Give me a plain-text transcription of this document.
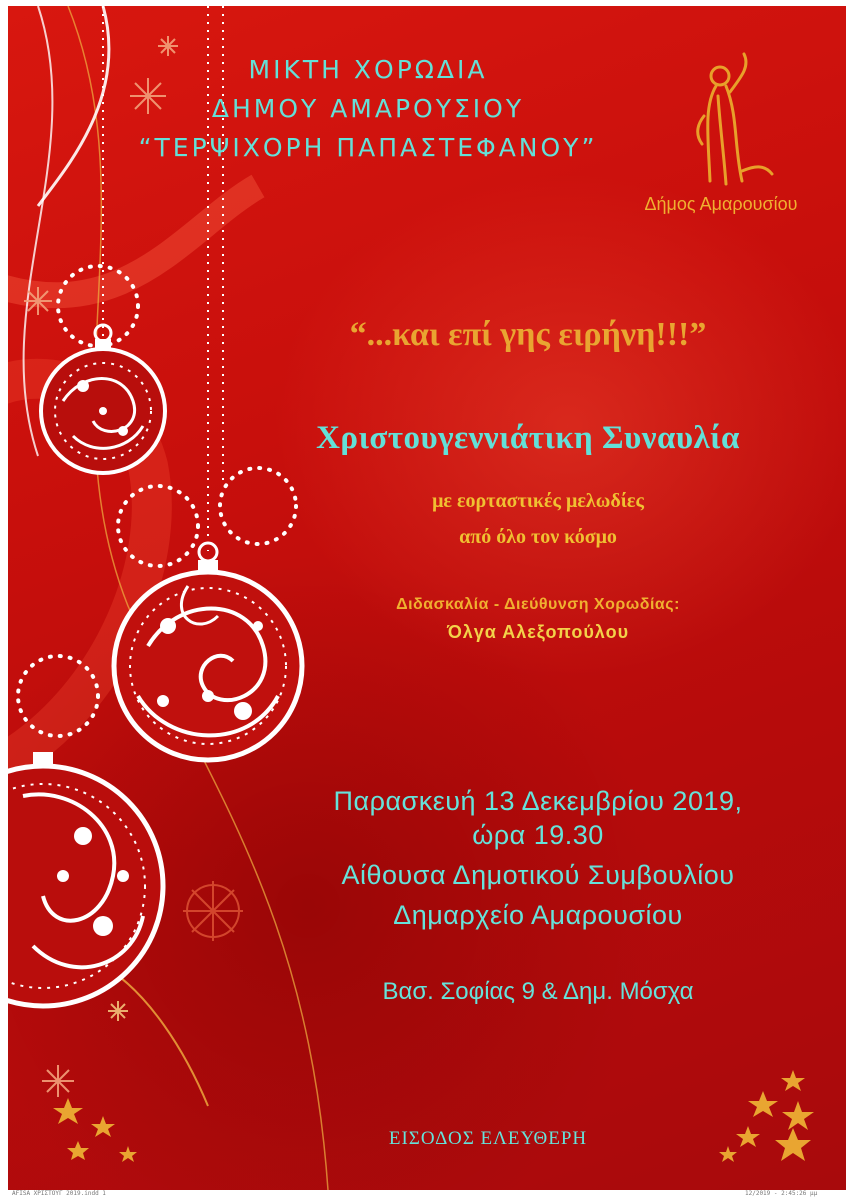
ΜΙΚΤΗ ΧΟΡΩΔΙΑ
ΔΗΜΟΥ ΑΜΑΡΟΥΣΙΟΥ
“ΤΕΡΨΙΧΟΡΗ ΠΑΠΑΣΤΕΦΑΝΟΥ”
Δήμος Αμαρουσίου
“...και επί γης ειρήνη!!!”
Χριστουγεννιάτικη Συναυλία
με εορταστικές μελωδίες
από όλο τον κόσμο
Διδασκαλία - Διεύθυνση Χορωδίας:
Όλγα Αλεξοπούλου
Παρασκευή 13 Δεκεμβρίου 2019,
ώρα 19.30
Αίθουσα Δημοτικού Συμβουλίου
Δημαρχείο Αμαρουσίου
Βασ. Σοφίας 9 & Δημ. Μόσχα
ΕΙΣΟΔΟΣ ΕΛΕΥΘΕΡΗ
AFISA ΧΡΙΣΤΟΥΓ 2019.indd 1	12/2019 - 2:45:26 μμ
